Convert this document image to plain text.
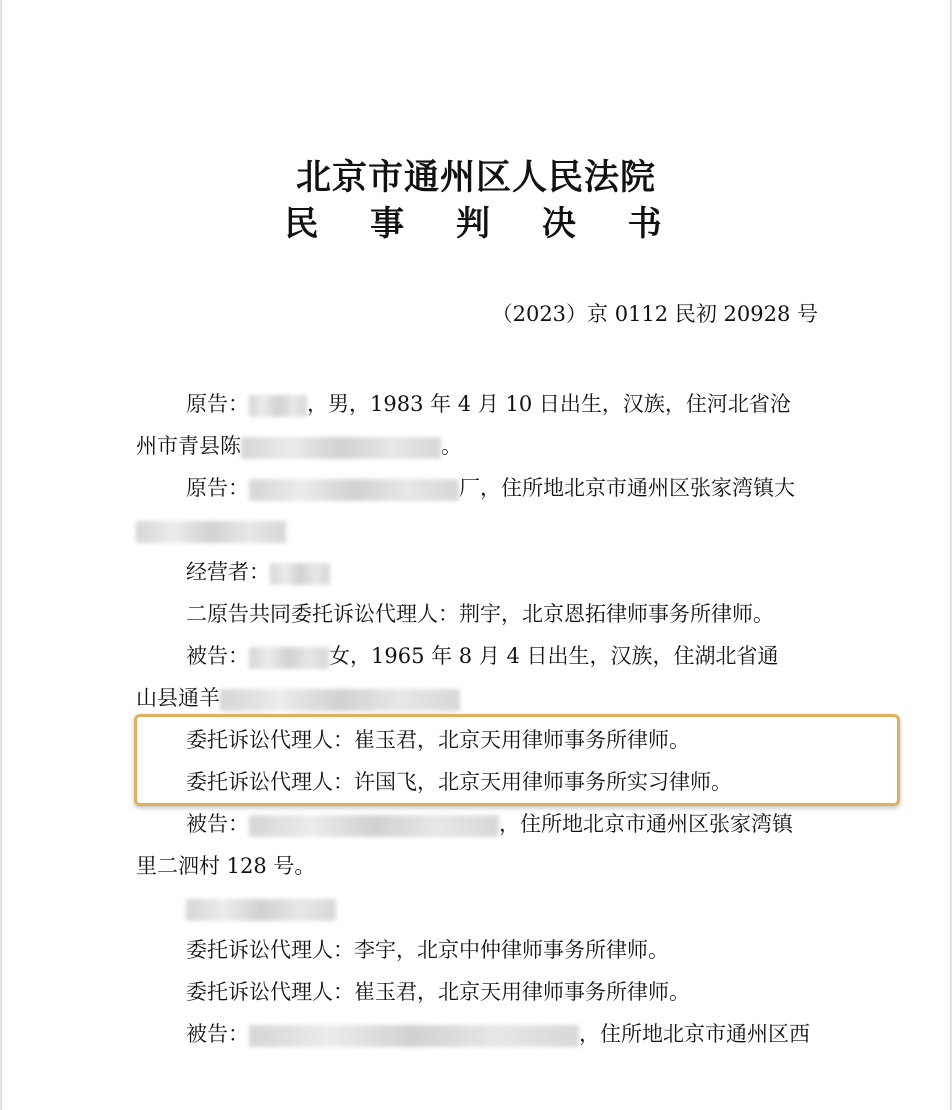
北京市通州区人民法院
民 事 判 决 书
（2023）京 0112 民初 20928 号
原告：	，男，1983 年 4 月 10 日出生，汉族，住河北省沧
州市青县陈	。
原告：	厂，住所地北京市通州区张家湾镇大
经营者：
二原告共同委托诉讼代理人：荆宇，北京恩拓律师事务所律师。
被告：	女，1965 年 8 月 4 日出生，汉族，住湖北省通
山县通羊
委托诉讼代理人：崔玉君，北京天用律师事务所律师。
委托诉讼代理人：许国飞，北京天用律师事务所实习律师。
被告：	，住所地北京市通州区张家湾镇
里二泗村 128 号。
委托诉讼代理人：李宇，北京中仲律师事务所律师。
委托诉讼代理人：崔玉君，北京天用律师事务所律师。
被告：	，住所地北京市通州区西
